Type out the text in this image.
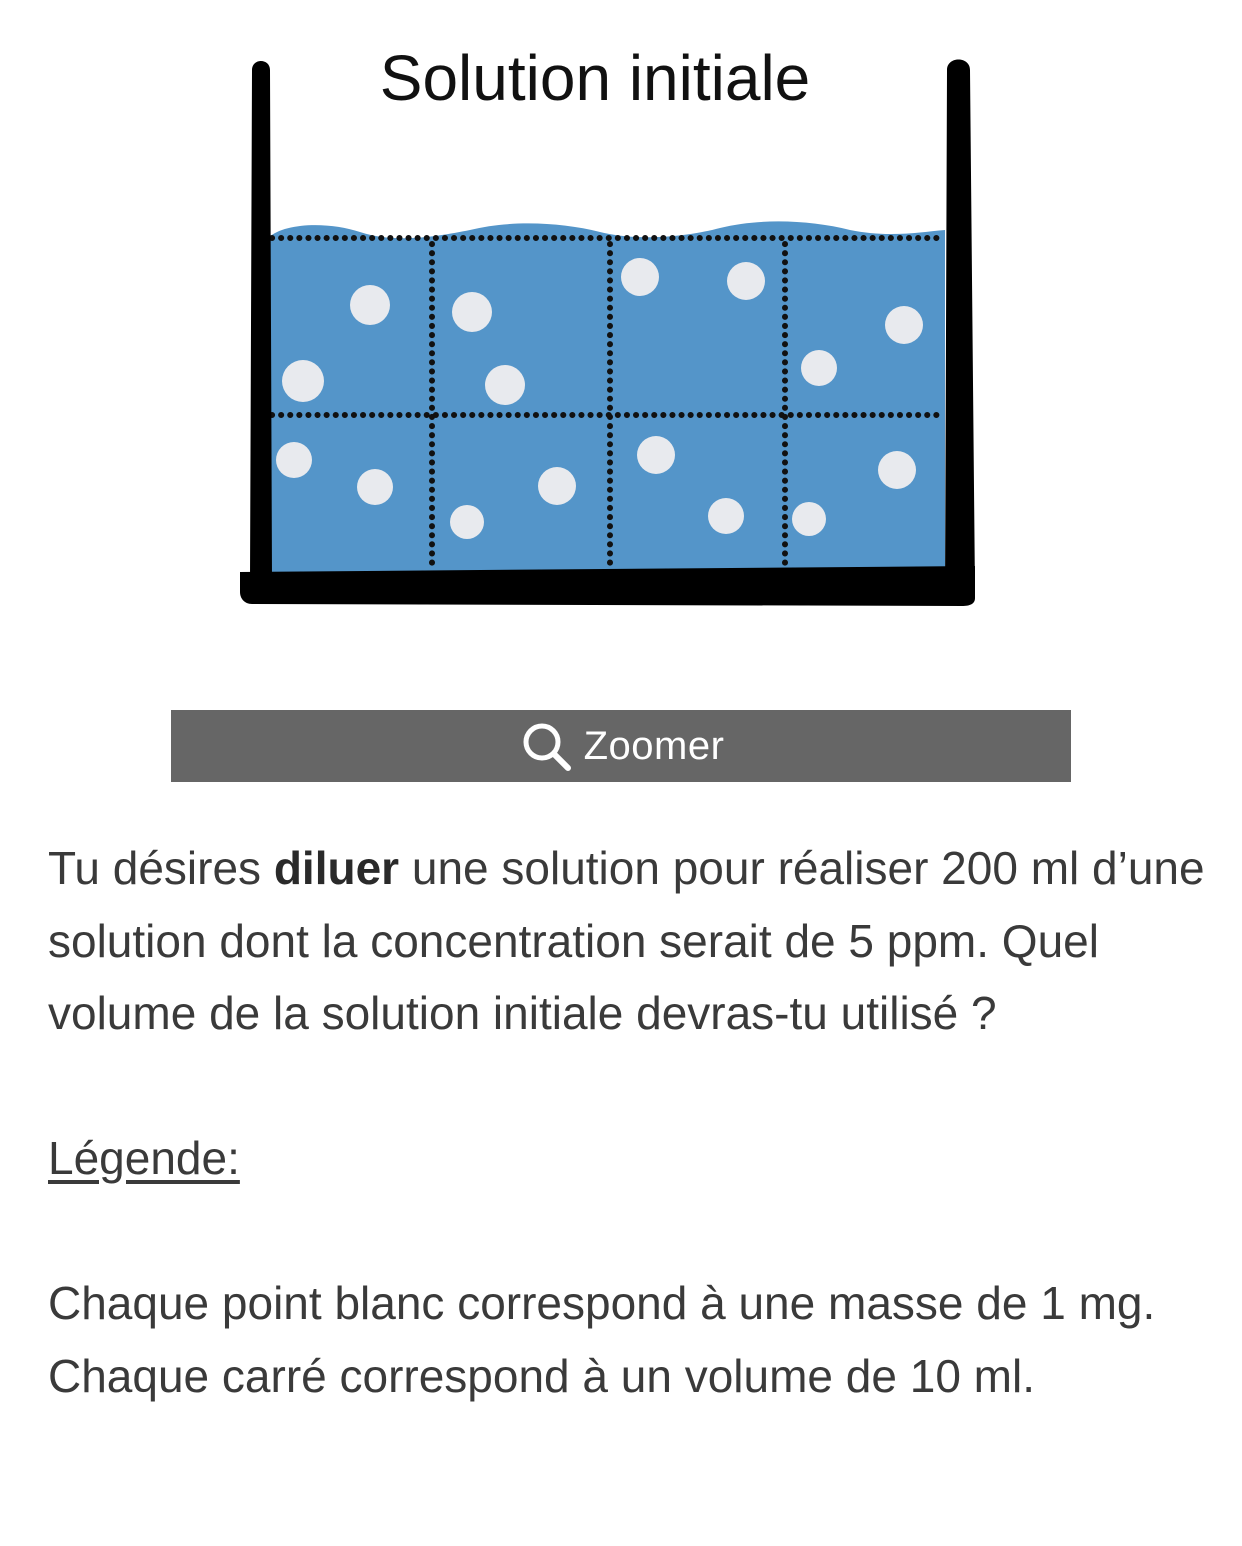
Solution initiale
Zoomer

Tu désires diluer une solution pour réaliser 200 ml d’une solution dont la concentration serait de 5 ppm. Quel volume de la solution initiale devras-tu utilisé ?

Légende:

Chaque point blanc correspond à une masse de 1 mg.

Chaque carré correspond à un volume de 10 ml.
